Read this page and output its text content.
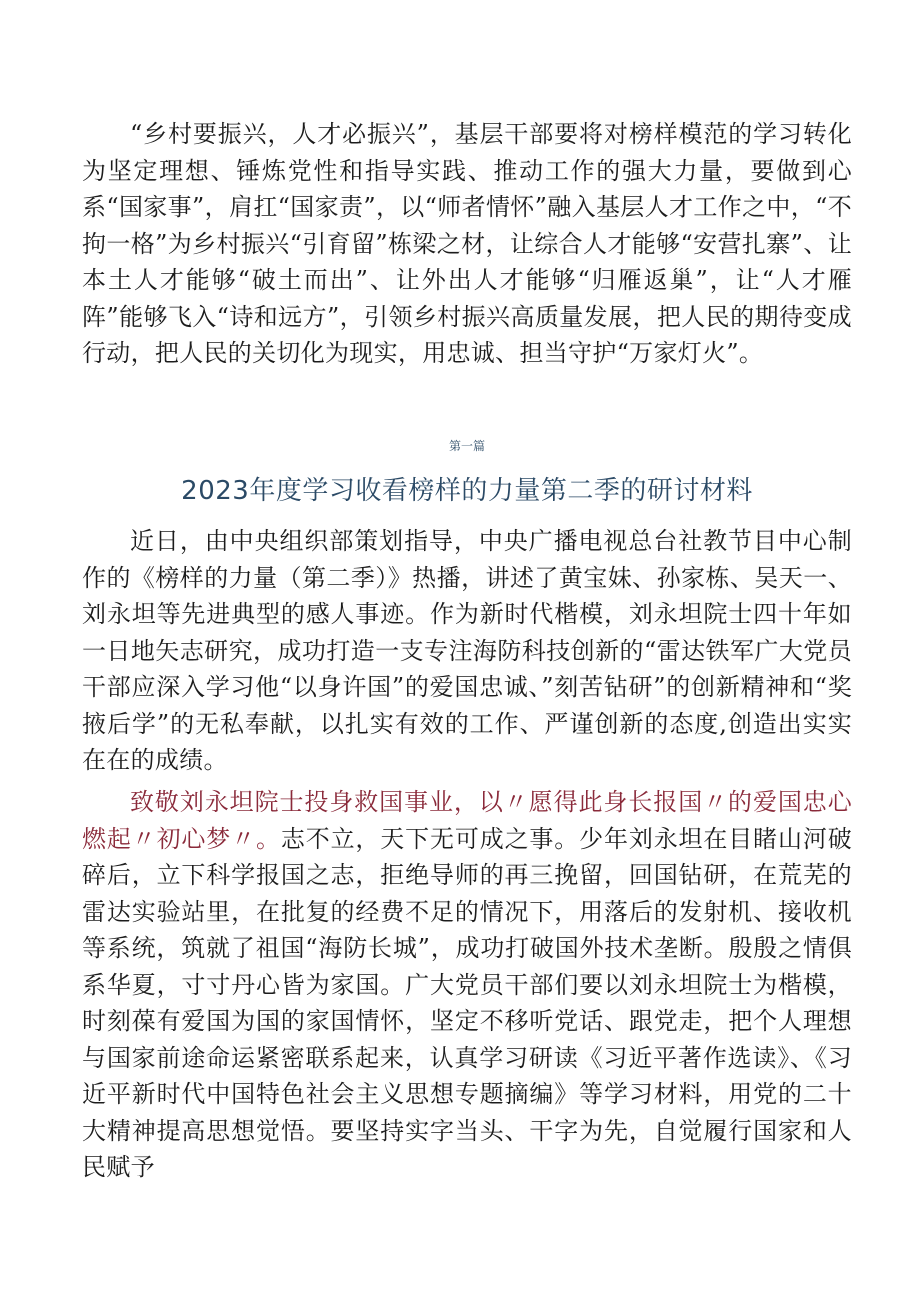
“乡村要振兴，人才必振兴”，基层干部要将对榜样模范的学习转化为坚定理想、锤炼党性和指导实践、推动工作的强大力量，要做到心系“国家事”，肩扛“国家责”，以“师者情怀”融入基层人才工作之中，“不拘一格”为乡村振兴“引育留”栋梁之材，让综合人才能够“安营扎寨”、让本土人才能够“破土而出”、让外出人才能够“归雁返巢”，让“人才雁阵”能够飞入“诗和远方”，引领乡村振兴高质量发展，把人民的期待变成行动，把人民的关切化为现实，用忠诚、担当守护“万家灯火”。

第一篇
2023年度学习收看榜样的力量第二季的研讨材料

近日，由中央组织部策划指导，中央广播电视总台社教节目中心制作的《榜样的力量（第二季）》热播，讲述了黄宝妹、孙家栋、吴天一、刘永坦等先进典型的感人事迹。作为新时代楷模，刘永坦院士四十年如一日地矢志研究，成功打造一支专注海防科技创新的“雷达铁军广大党员干部应深入学习他“以身许国”的爱国忠诚、”刻苦钻研”的创新精神和“奖掖后学”的无私奉献，以扎实有效的工作、严谨创新的态度,创造出实实在在的成绩。

致敬刘永坦院士投身救国事业，以〃愿得此身长报国〃的爱国忠心燃起〃初心梦〃。志不立，天下无可成之事。少年刘永坦在目睹山河破碎后，立下科学报国之志，拒绝导师的再三挽留，回国钻研，在荒芜的雷达实验站里，在批复的经费不足的情况下，用落后的发射机、接收机等系统，筑就了祖国“海防长城”，成功打破国外技术垄断。殷殷之情俱系华夏，寸寸丹心皆为家国。广大党员干部们要以刘永坦院士为楷模，时刻葆有爱国为国的家国情怀，坚定不移听党话、跟党走，把个人理想与国家前途命运紧密联系起来，认真学习研读《习近平著作选读》、《习近平新时代中国特色社会主义思想专题摘编》等学习材料，用党的二十大精神提高思想觉悟。要坚持实字当头、干字为先，自觉履行国家和人民赋予
